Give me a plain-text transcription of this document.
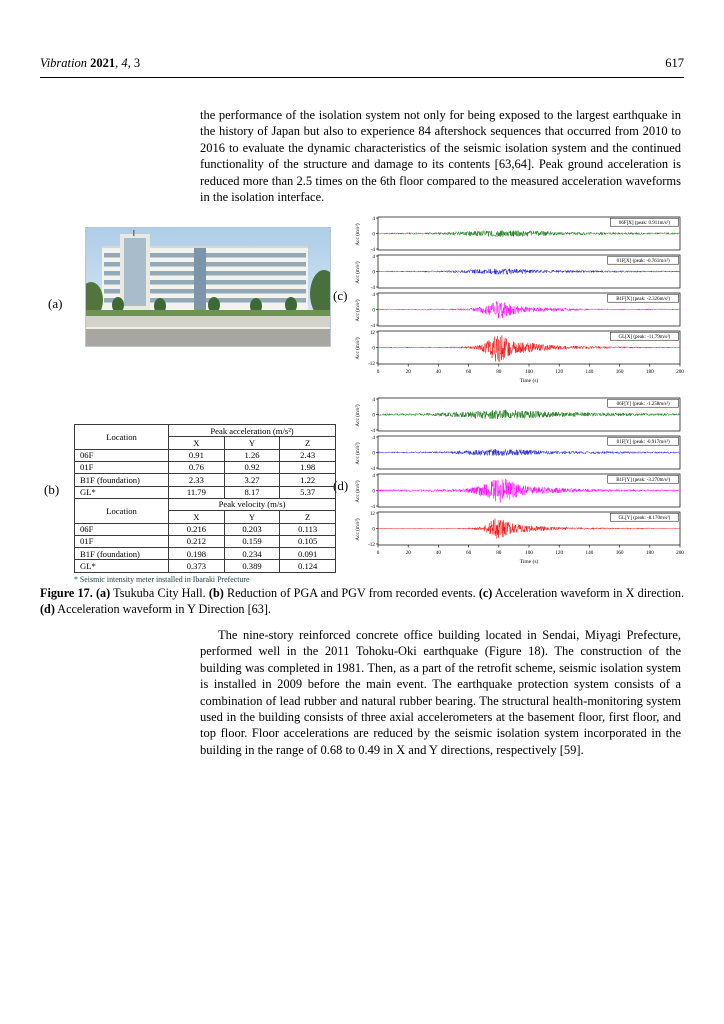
Vibration 2021, 4, 3	617

the performance of the isolation system not only for being exposed to the largest earthquake in the history of Japan but also to experience 84 aftershock sequences that occurred from 2010 to 2016 to evaluate the dynamic characteristics of the seismic isolation system and the continued functionality of the structure and damage to its contents [63,64]. Peak ground acceleration is reduced more than 2.5 times on the 6th floor compared to the measured acceleration waveforms in the isolation interface.

(a)
(b)
(c)
(d)
Acc (m/s²)
4
0
-4
06F[X] (peak: 0.911m/s²)
Acc (m/s²)
4
0
-4
01F[X] (peak: -0.761m/s²)
Acc (m/s²)
4
0
-4
B1F[X] (peak: -2.326m/s²)
Acc (m/s²)
12
0
-12
GL[X] (peak: -11.79m/s²)
0	20	40	60	80	100	120	140	160	180	200
Time (s)
Acc (m/s²)
4
0
-4
06F[Y] (peak: -1.258m/s²)
Acc (m/s²)
4
0
-4
01F[Y] (peak: -0.917m/s²)
Acc (m/s²)
4
0
-4
B1F[Y] (peak: -3.270m/s²)
Acc (m/s²)
12
0
-12
GL[Y] (peak: -8.170m/s²)
0	20	40	60	80	100	120	140	160	180	200
Time (s)
Location	Peak acceleration (m/s²)		
	X	Y	Z
06F	0.91	1.26	2.43
01F	0.76	0.92	1.98
B1F (foundation)	2.33	3.27	1.22
GL*	11.79	8.17	5.37
Location	Peak velocity (m/s)		
	X	Y	Z
06F	0.216	0.203	0.113
01F	0.212	0.159	0.105
B1F (foundation)	0.198	0.234	0.091
GL*	0.373	0.389	0.124
* Seismic intensity meter installed in Ibaraki Prefecture

Figure 17. (a) Tsukuba City Hall. (b) Reduction of PGA and PGV from recorded events. (c) Acceleration waveform in X direction. (d) Acceleration waveform in Y Direction [63].

The nine-story reinforced concrete office building located in Sendai, Miyagi Prefecture, performed well in the 2011 Tohoku-Oki earthquake (Figure 18). The construction of the building was completed in 1981. Then, as a part of the retrofit scheme, seismic isolation system is installed in 2009 before the main event. The earthquake protection system consists of a combination of lead rubber and natural rubber bearing. The structural health-monitoring system used in the building consists of three axial accelerometers at the basement floor, first floor, and top floor. Floor accelerations are reduced by the seismic isolation system incorporated in the building in the range of 0.68 to 0.49 in X and Y directions, respectively [59].
